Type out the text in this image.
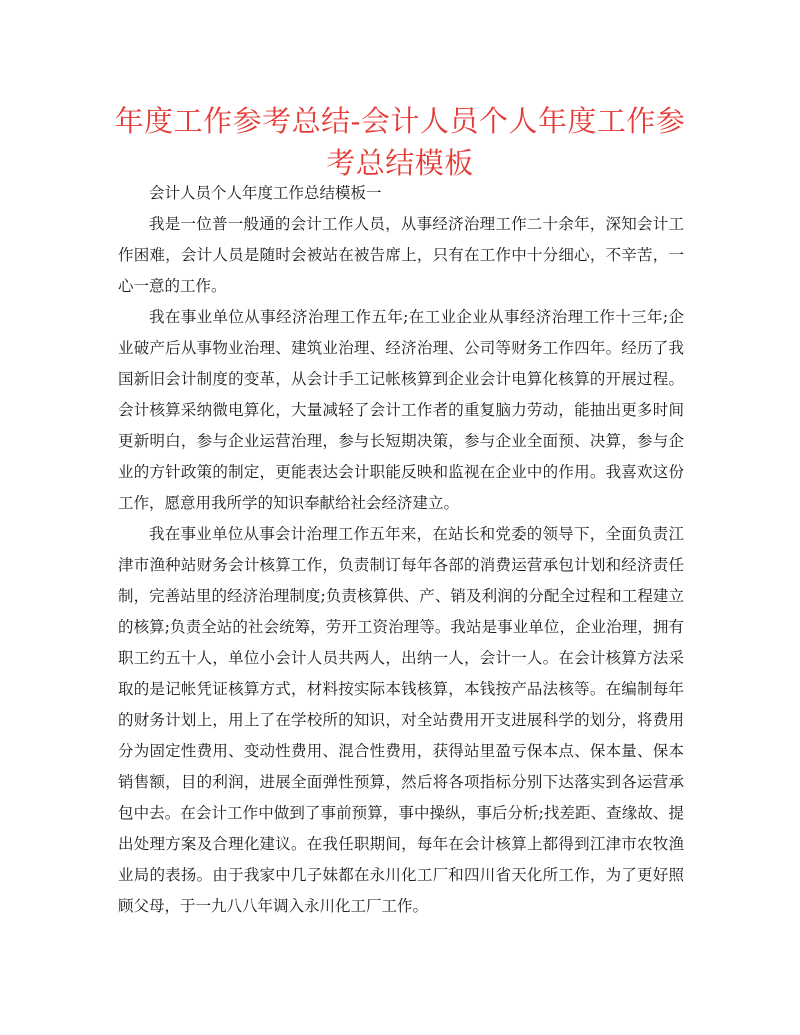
年度工作参考总结-会计人员个人年度工作参考总结模板

会计人员个人年度工作总结模板一

我是一位普一般通的会计工作人员，从事经济治理工作二十余年，深知会计工作困难，会计人员是随时会被站在被告席上，只有在工作中十分细心，不辛苦，一心一意的工作。

我在事业单位从事经济治理工作五年;在工业企业从事经济治理工作十三年;企业破产后从事物业治理、建筑业治理、经济治理、公司等财务工作四年。经历了我国新旧会计制度的变革，从会计手工记帐核算到企业会计电算化核算的开展过程。会计核算采纳微电算化，大量减轻了会计工作者的重复脑力劳动，能抽出更多时间更新明白，参与企业运营治理，参与长短期决策，参与企业全面预、决算，参与企业的方针政策的制定，更能表达会计职能反映和监视在企业中的作用。我喜欢这份工作，愿意用我所学的知识奉献给社会经济建立。

我在事业单位从事会计治理工作五年来，在站长和党委的领导下，全面负责江津市渔种站财务会计核算工作，负责制订每年各部的消费运营承包计划和经济责任制，完善站里的经济治理制度;负责核算供、产、销及利润的分配全过程和工程建立的核算;负责全站的社会统筹，劳开工资治理等。我站是事业单位，企业治理，拥有职工约五十人，单位小会计人员共两人，出纳一人，会计一人。在会计核算方法采取的是记帐凭证核算方式，材料按实际本钱核算，本钱按产品法核等。在编制每年的财务计划上，用上了在学校所的知识，对全站费用开支进展科学的划分，将费用分为固定性费用、变动性费用、混合性费用，获得站里盈亏保本点、保本量、保本销售额，目的利润，进展全面弹性预算，然后将各项指标分别下达落实到各运营承包中去。在会计工作中做到了事前预算，事中操纵，事后分析;找差距、查缘故、提出处理方案及合理化建议。在我任职期间，每年在会计核算上都得到江津市农牧渔业局的表扬。由于我家中几子妹都在永川化工厂和四川省天化所工作，为了更好照顾父母，于一九八八年调入永川化工厂工作。
